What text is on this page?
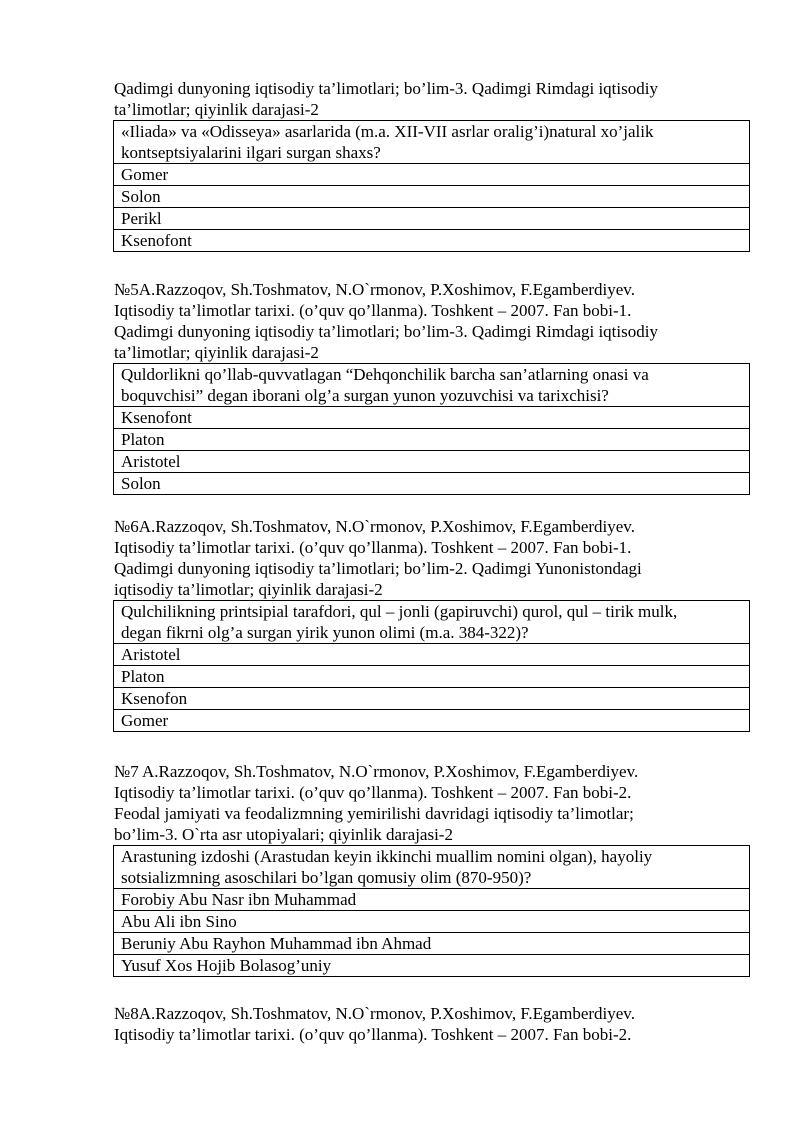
Qadimgi dunyoning iqtisodiy ta’limotlari; bo’lim-3. Qadimgi Rimdagi iqtisodiy
ta’limotlar; qiyinlik darajasi-2
«Iliada» va «Odisseya» asarlarida (m.a. XII-VII asrlar oralig’i)natural xo’jalik
kontseptsiyalarini ilgari surgan shaxs?

Gomer
Solon
Perikl
Ksenofont
№5A.Razzoqov, Sh.Toshmatov, N.O`rmonov, P.Xoshimov, F.Egamberdiyev.
Iqtisodiy ta’limotlar tarixi. (o’quv qo’llanma). Toshkent – 2007. Fan bobi-1.
Qadimgi dunyoning iqtisodiy ta’limotlari; bo’lim-3. Qadimgi Rimdagi iqtisodiy
ta’limotlar; qiyinlik darajasi-2
Quldorlikni qo’llab-quvvatlagan “Dehqonchilik barcha san’atlarning onasi va
boquvchisi” degan iborani olg’a surgan yunon yozuvchisi va tarixchisi?

Ksenofont
Platon
Aristotel
Solon
№6A.Razzoqov, Sh.Toshmatov, N.O`rmonov, P.Xoshimov, F.Egamberdiyev.
Iqtisodiy ta’limotlar tarixi. (o’quv qo’llanma). Toshkent – 2007. Fan bobi-1.
Qadimgi dunyoning iqtisodiy ta’limotlari; bo’lim-2. Qadimgi Yunonistondagi
iqtisodiy ta’limotlar; qiyinlik darajasi-2
Qulchilikning printsipial tarafdori, qul – jonli (gapiruvchi) qurol, qul – tirik mulk,
degan fikrni olg’a surgan yirik yunon olimi (m.a. 384-322)?

Aristotel
Platon
Ksenofon
Gomer
№7 A.Razzoqov, Sh.Toshmatov, N.O`rmonov, P.Xoshimov, F.Egamberdiyev.
Iqtisodiy ta’limotlar tarixi. (o’quv qo’llanma). Toshkent – 2007. Fan bobi-2.
Feodal jamiyati va feodalizmning yemirilishi davridagi iqtisodiy ta’limotlar;
bo’lim-3. O`rta asr utopiyalari; qiyinlik darajasi-2
Arastuning izdoshi (Arastudan keyin ikkinchi muallim nomini olgan), hayoliy
sotsializmning asoschilari bo’lgan qomusiy olim (870-950)?

Forobiy Abu Nasr ibn Muhammad
Abu Ali ibn Sino
Beruniy Abu Rayhon Muhammad ibn Ahmad
Yusuf Xos Hojib Bolasog’uniy
№8A.Razzoqov, Sh.Toshmatov, N.O`rmonov, P.Xoshimov, F.Egamberdiyev.
Iqtisodiy ta’limotlar tarixi. (o’quv qo’llanma). Toshkent – 2007. Fan bobi-2.
